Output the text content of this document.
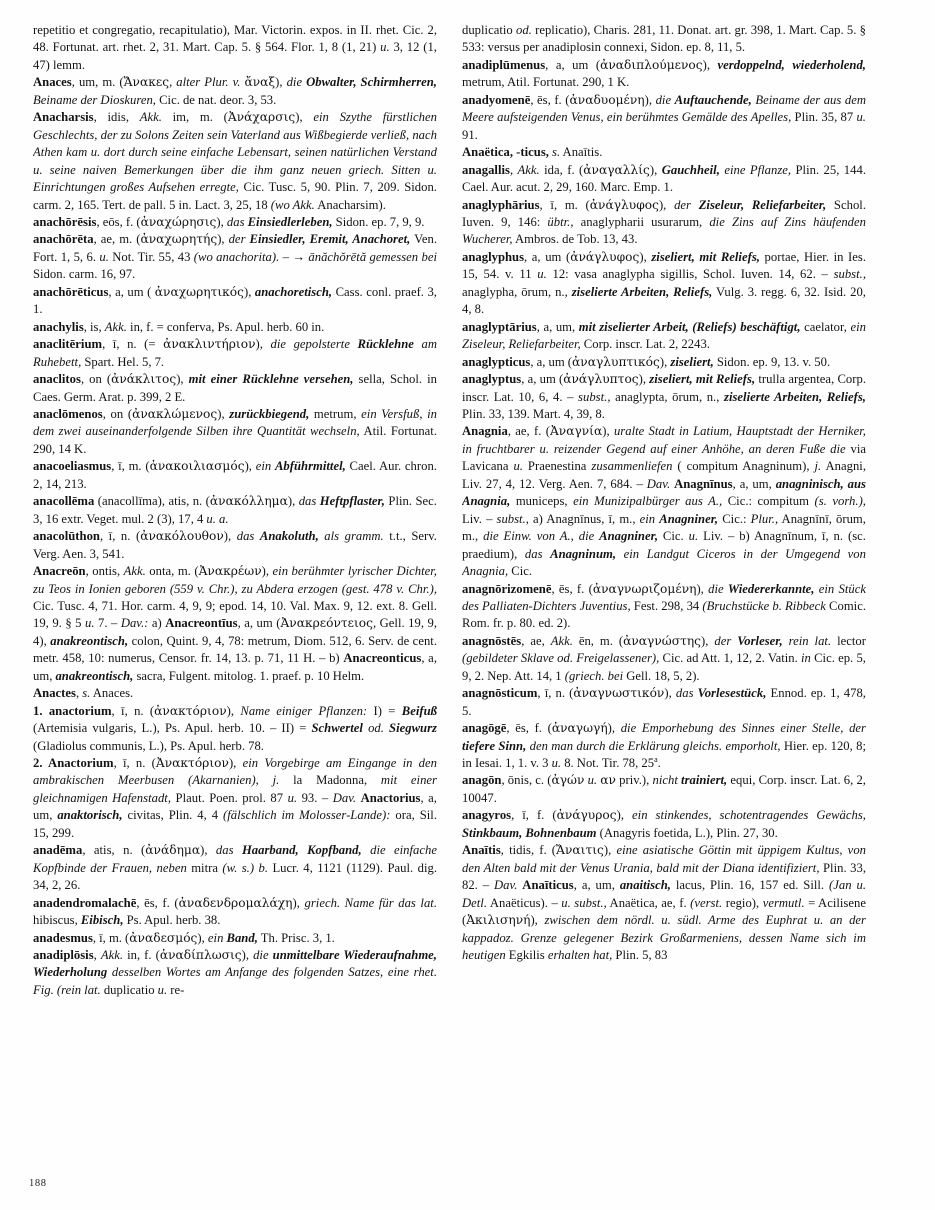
repetitio et congregatio, recapitulatio), Mar. Victorin. expos. in II. rhet. Cic. 2, 48. Fortunat. art. rhet. 2, 31. Mart. Cap. 5. § 564. Flor. 1, 8 (1, 21) u. 3, 12 (1, 47) lemm.

Anaces, um, m. (Ἄνακες, alter Plur. v. ἄναξ), die Obwalter, Schirmherren, Beiname der Dioskuren, Cic. de nat. deor. 3, 53.

Anacharsis, idis, Akk. im, m. (Ἀνάχαρσις), ein Szythe fürstlichen Geschlechts, der zu Solons Zeiten sein Vaterland aus Wißbegierde verließ, nach Athen kam u. dort durch seine einfache Lebensart, seinen natürlichen Verstand u. seine naiven Bemerkungen über die ihm ganz neuen griech. Sitten u. Einrichtungen großes Aufsehen erregte, Cic. Tusc. 5, 90. Plin. 7, 209. Sidon. carm. 2, 165. Tert. de pall. 5 in. Lact. 3, 25, 18 (wo Akk. Anacharsim).

anachōrēsis, eōs, f. (ἀναχώρησις), das Einsiedlerleben, Sidon. ep. 7, 9, 9.

anachōrēta, ae, m. (ἀναχωρητής), der Einsiedler, Eremit, Anachoret, Ven. Fort. 1, 5, 6. u. Not. Tir. 55, 43 (wo anachorita). – → ānăchŏrētă gemessen bei Sidon. carm. 16, 97.

anachōrēticus, a, um ( ἀναχωρητικός), anachoretisch, Cass. conl. praef. 3, 1.

anachylis, is, Akk. in, f. = conferva, Ps. Apul. herb. 60 in.

anaclitērium, ī, n. (= ἀνακλιντήριον), die gepolsterte Rücklehne am Ruhebett, Spart. Hel. 5, 7.

anaclitos, on (ἀνάκλιτος), mit einer Rücklehne versehen, sella, Schol. in Caes. Germ. Arat. p. 399, 2 E.

anaclōmenos, on (ἀνακλώμενος), zurückbiegend, metrum, ein Versfuß, in dem zwei auseinanderfolgende Silben ihre Quantität wechseln, Atil. Fortunat. 290, 14 K.

anacoeliasmus, ī, m. (ἀνακοιλιασμός), ein Abführmittel, Cael. Aur. chron. 2, 14, 213.

anacollēma (anacollīma), atis, n. (ἀνακόλλημα), das Heftpflaster, Plin. Sec. 3, 16 extr. Veget. mul. 2 (3), 17, 4 u. a.

anacolūthon, ī, n. (ἀνακόλουθον), das Anakoluth, als gramm. t.t., Serv. Verg. Aen. 3, 541.

Anacreōn, ontis, Akk. onta, m. (Ἀνακρέων), ein berühmter lyrischer Dichter, zu Teos in Ionien geboren (559 v. Chr.), zu Abdera erzogen (gest. 478 v. Chr.), Cic. Tusc. 4, 71. Hor. carm. 4, 9, 9; epod. 14, 10. Val. Max. 9, 12. ext. 8. Gell. 19, 9. § 5 u. 7. – Dav.: a) Anacreontīus, a, um (Ἀνακρεόντειος, Gell. 19, 9, 4), anakreontisch, colon, Quint. 9, 4, 78: metrum, Diom. 512, 6. Serv. de cent. metr. 458, 10: numerus, Censor. fr. 14, 13. p. 71, 11 H. – b) Anacreonticus, a, um, anakreontisch, sacra, Fulgent. mitolog. 1. praef. p. 10 Helm.

Anactes, s. Anaces.

1. anactorium, ī, n. (ἀνακτόριον), Name einiger Pflanzen: I) = Beifuß (Artemisia vulgaris, L.), Ps. Apul. herb. 10. – II) = Schwertel od. Siegwurz (Gladiolus communis, L.), Ps. Apul. herb. 78.

2. Anactorium, ī, n. (Ἀνακτόριον), ein Vorgebirge am Eingange in den ambrakischen Meerbusen (Akarnanien), j. la Madonna, mit einer gleichnamigen Hafenstadt, Plaut. Poen. prol. 87 u. 93. – Dav. Anactorius, a, um, anaktorisch, civitas, Plin. 4, 4 (fälschlich im Molosser-Lande): ora, Sil. 15, 299.

anadēma, atis, n. (ἀνάδημα), das Haarband, Kopfband, die einfache Kopfbinde der Frauen, neben mitra (w. s.) b. Lucr. 4, 1121 (1129). Paul. dig. 34, 2, 26.

anadendromalachē, ēs, f. (ἀναδενδρομαλάχη), griech. Name für das lat. hibiscus, Eibisch, Ps. Apul. herb. 38.

anadesmus, ī, m. (ἀναδεσμός), ein Band, Th. Prisc. 3, 1.

anadiplōsis, Akk. in, f. (ἀναδίπλωσις), die unmittelbare Wiederaufnahme, Wiederholung desselben Wortes am Anfange des folgenden Satzes, eine rhet. Fig. (rein lat. duplicatio u. re-

duplicatio od. replicatio), Charis. 281, 11. Donat. art. gr. 398, 1. Mart. Cap. 5. § 533: versus per anadiplosin connexi, Sidon. ep. 8, 11, 5.

anadiplūmenus, a, um (ἀναδιπλούμενος), verdoppelnd, wiederholend, metrum, Atil. Fortunat. 290, 1 K.

anadyomenē, ēs, f. (ἀναδυομένη), die Auftauchende, Beiname der aus dem Meere aufsteigenden Venus, ein berühmtes Gemälde des Apelles, Plin. 35, 87 u. 91.

Anaëtica, -ticus, s. Anaītis.

anagallis, Akk. ida, f. (ἀναγαλλίς), Gauchheil, eine Pflanze, Plin. 25, 144. Cael. Aur. acut. 2, 29, 160. Marc. Emp. 1.

anaglyphārius, ī, m. (ἀνάγλυφος), der Ziseleur, Reliefarbeiter, Schol. Iuven. 9, 146: übtr., anaglypharii usurarum, die Zins auf Zins häufenden Wucherer, Ambros. de Tob. 13, 43.

anaglyphus, a, um (ἀνάγλυφος), ziseliert, mit Reliefs, portae, Hier. in Ies. 15, 54. v. 11 u. 12: vasa anaglypha sigillis, Schol. Iuven. 14, 62. – subst., anaglypha, ōrum, n., ziselierte Arbeiten, Reliefs, Vulg. 3. regg. 6, 32. Isid. 20, 4, 8.

anaglyptārius, a, um, mit ziselierter Arbeit, (Reliefs) beschäftigt, caelator, ein Ziseleur, Reliefarbeiter, Corp. inscr. Lat. 2, 2243.

anaglypticus, a, um (ἀναγλυπτικός), ziseliert, Sidon. ep. 9, 13. v. 50.

anaglyptus, a, um (ἀνάγλυπτος), ziseliert, mit Reliefs, trulla argentea, Corp. inscr. Lat. 10, 6, 4. – subst., anaglypta, ōrum, n., ziselierte Arbeiten, Reliefs, Plin. 33, 139. Mart. 4, 39, 8.

Anagnia, ae, f. (Ἀναγνία), uralte Stadt in Latium, Hauptstadt der Herniker, in fruchtbarer u. reizender Gegend auf einer Anhöhe, an deren Fuße die via Lavicana u. Praenestina zusammenliefen ( compitum Anagninum), j. Anagni, Liv. 27, 4, 12. Verg. Aen. 7, 684. – Dav. Anagnīnus, a, um, anagninisch, aus Anagnia, municeps, ein Munizipalbürger aus A., Cic.: compitum (s. vorh.), Liv. – subst., a) Anagnīnus, ī, m., ein Anagniner, Cic.: Plur., Anagnīnī, ōrum, m., die Einw. von A., die Anagniner, Cic. u. Liv. – b) Anagnīnum, ī, n. (sc. praedium), das Anagninum, ein Landgut Ciceros in der Umgegend von Anagnia, Cic.

anagnōrizomenē, ēs, f. (ἀναγνωριζομένη), die Wiedererkannte, ein Stück des Palliaten-Dichters Juventius, Fest. 298, 34 (Bruchstücke b. Ribbeck Comic. Rom. fr. p. 80. ed. 2).

anagnōstēs, ae, Akk. ēn, m. (ἀναγνώστης), der Vorleser, rein lat. lector (gebildeter Sklave od. Freigelassener), Cic. ad Att. 1, 12, 2. Vatin. in Cic. ep. 5, 9, 2. Nep. Att. 14, 1 (griech. bei Gell. 18, 5, 2).

anagnōsticum, ī, n. (ἀναγνωστικόν), das Vorlesestück, Ennod. ep. 1, 478, 5.

anagōgē, ēs, f. (ἀναγωγή), die Emporhebung des Sinnes einer Stelle, der tiefere Sinn, den man durch die Erklärung gleichs. emporholt, Hier. ep. 120, 8; in Iesai. 1, 1. v. 3 u. 8. Not. Tir. 78, 25$^a$.

anagōn, ōnis, c. (ἀγών u. αν priv.), nicht trainiert, equi, Corp. inscr. Lat. 6, 2, 10047.

anagyros, ī, f. (ἀνάγυρος), ein stinkendes, schotentragendes Gewächs, Stinkbaum, Bohnenbaum (Anagyris foetida, L.), Plin. 27, 30.

Anaītis, tidis, f. (Ἄναιτις), eine asiatische Göttin mit üppigem Kultus, von den Alten bald mit der Venus Urania, bald mit der Diana identifiziert, Plin. 33, 82. – Dav. Anaīticus, a, um, anaitisch, lacus, Plin. 16, 157 ed. Sill. (Jan u. Detl. Anaëticus). – u. subst., Anaëtica, ae, f. (verst. regio), vermutl. = Acilisene (Ἀκιλισηνή), zwischen dem nördl. u. südl. Arme des Euphrat u. an der kappadoz. Grenze gelegener Bezirk Großarmeniens, dessen Name sich im heutigen Egkilis erhalten hat, Plin. 5, 83

188
